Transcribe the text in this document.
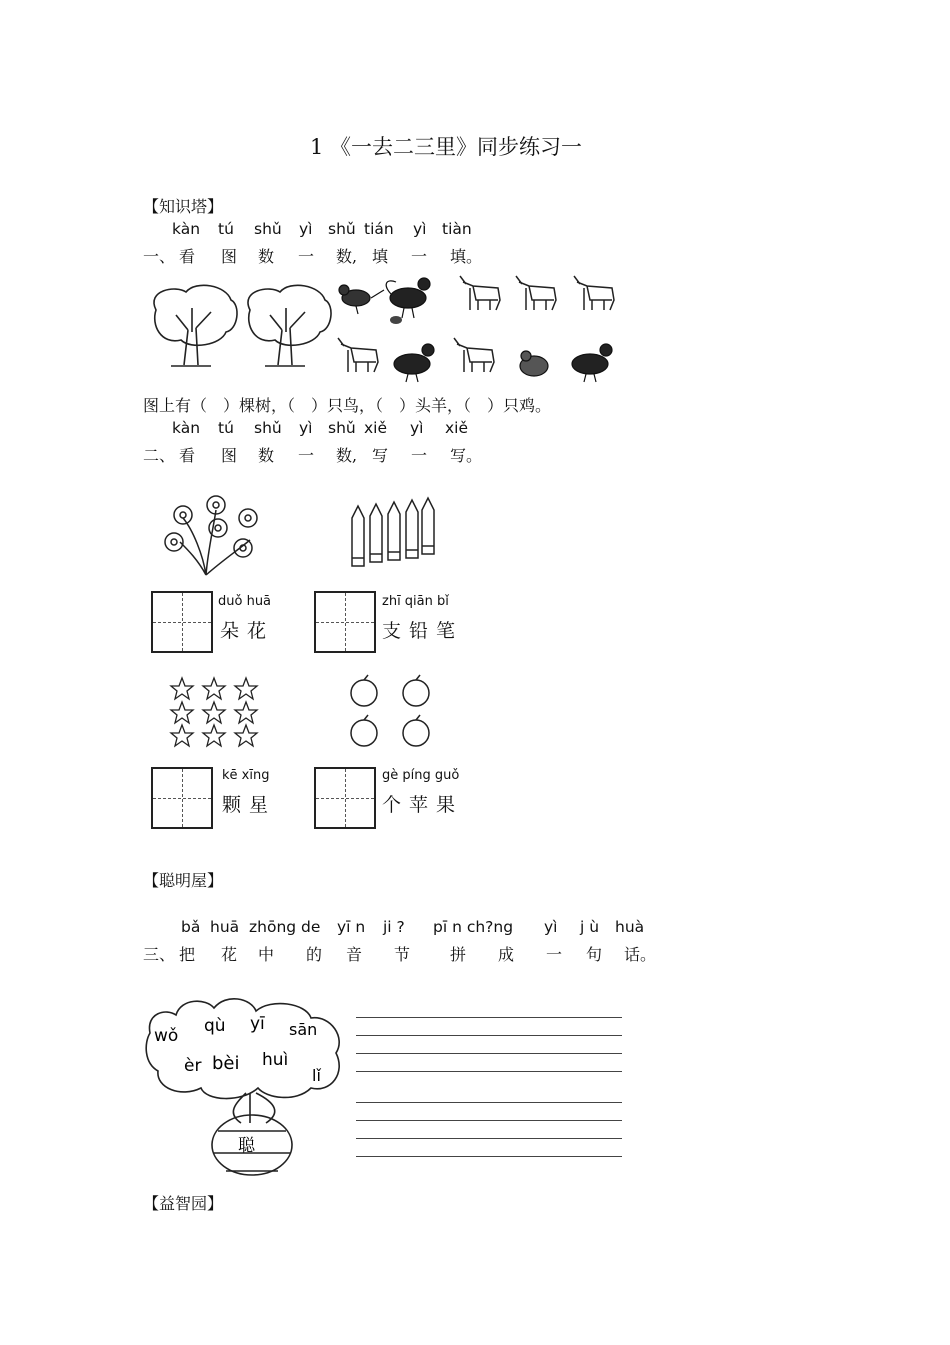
1 《一去二三里》同步练习一
【知识塔】
kàn tú shǔ yì shǔ tián yì tiàn
一、 看 图 数 一 数, 填 一 填。
图上有（　）棵树，（　）只鸟，（　）头羊，（　）只鸡。
kàn tú shǔ yì shǔ xiě yì xiě
二、 看 图 数 一 数, 写 一 写。
duǒ huā
朵花
zhī qiān bǐ
支铅笔
kē xīng
颗星
gè píng guǒ
个苹果
【聪明屋】
bǎ huā zhōng de yī n ji ? pī n ch?ng yì j ù huà
三、 把 花 中 的 音 节 拼 成 一 句 话。
wǒ qù yī sān
èr bèi huì
lǐ
聪
【益智园】
